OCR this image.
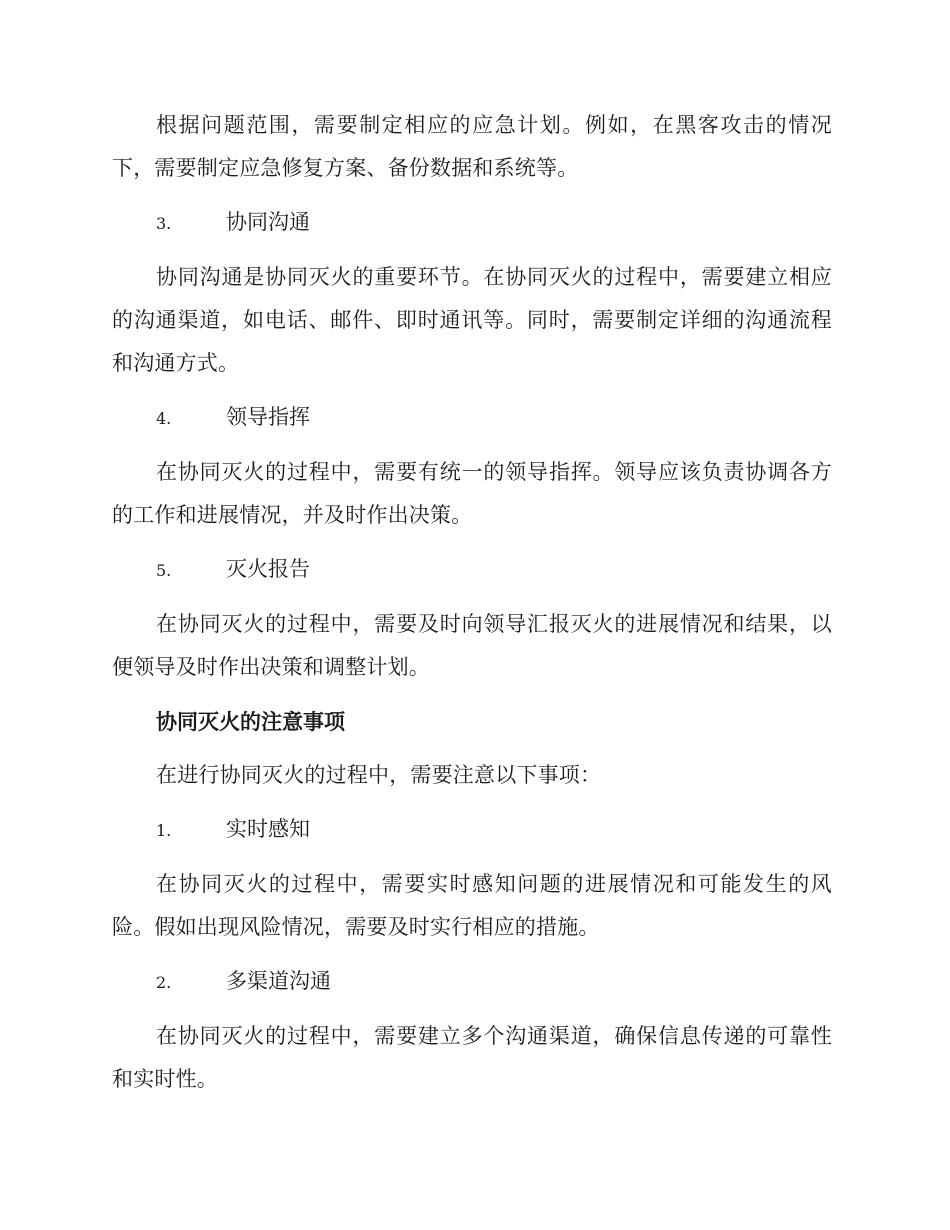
根据问题范围，需要制定相应的应急计划。例如，在黑客攻击的情况下，需要制定应急修复方案、备份数据和系统等。

3.	协同沟通

协同沟通是协同灭火的重要环节。在协同灭火的过程中，需要建立相应的沟通渠道，如电话、邮件、即时通讯等。同时，需要制定详细的沟通流程和沟通方式。

4.	领导指挥

在协同灭火的过程中，需要有统一的领导指挥。领导应该负责协调各方的工作和进展情况，并及时作出决策。

5.	灭火报告

在协同灭火的过程中，需要及时向领导汇报灭火的进展情况和结果，以便领导及时作出决策和调整计划。

协同灭火的注意事项

在进行协同灭火的过程中，需要注意以下事项：

1.	实时感知

在协同灭火的过程中，需要实时感知问题的进展情况和可能发生的风险。假如出现风险情况，需要及时实行相应的措施。

2.	多渠道沟通

在协同灭火的过程中，需要建立多个沟通渠道，确保信息传递的可靠性和实时性。
